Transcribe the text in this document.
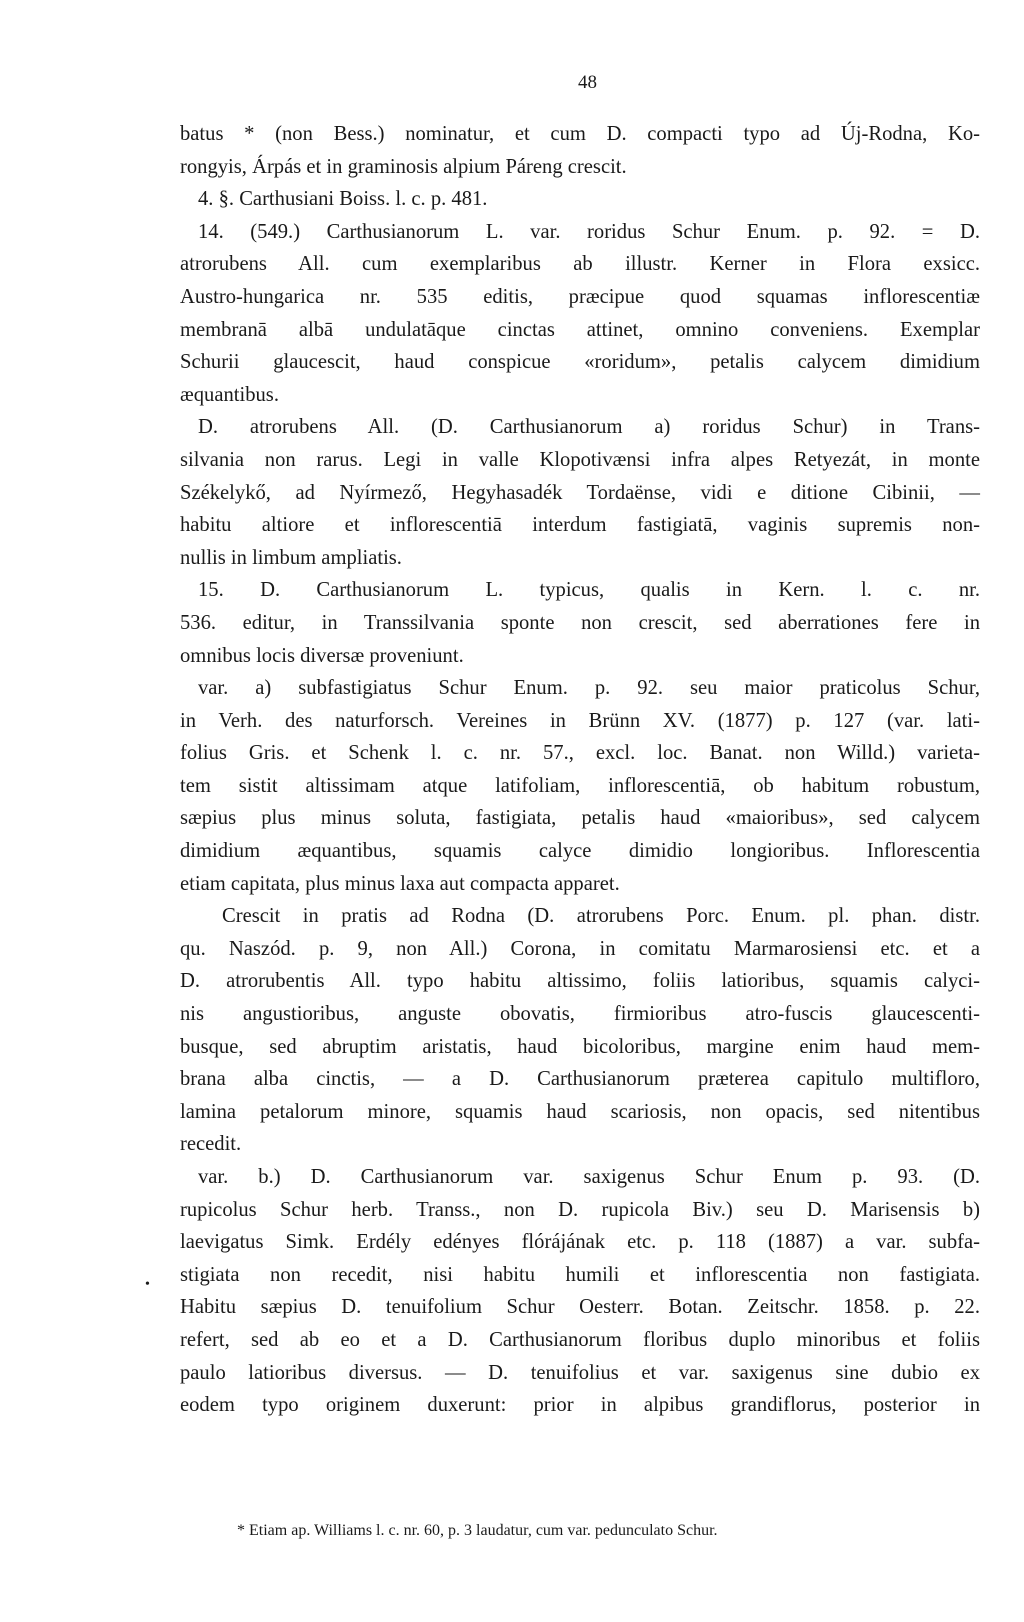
48
•
batus * (non Bess.) nominatur, et cum D. compacti typo ad Új-Rodna, Ko-
rongyis, Árpás et in graminosis alpium Páreng crescit.
4. §. Carthusiani Boiss. l. c. p. 481.
14. (549.) Carthusianorum L. var. roridus Schur Enum. p. 92. = D.
atrorubens All. cum exemplaribus ab illustr. Kerner in Flora exsicc.
Austro-hungarica nr. 535 editis, præcipue quod squamas inflorescentiæ
membranā albā undulatāque cinctas attinet, omnino conveniens. Exemplar
Schurii glaucescit, haud conspicue «roridum», petalis calycem dimidium
æquantibus.
D. atrorubens All. (D. Carthusianorum a) roridus Schur) in Trans-
silvania non rarus. Legi in valle Klopotivænsi infra alpes Retyezát, in monte
Székelykő, ad Nyírmező, Hegyhasadék Tordaënse, vidi e ditione Cibinii, —
habitu altiore et inflorescentiā interdum fastigiatā, vaginis supremis non-
nullis in limbum ampliatis.
15. D. Carthusianorum L. typicus, qualis in Kern. l. c. nr.
536. editur, in Transsilvania sponte non crescit, sed aberrationes fere in
omnibus locis diversæ proveniunt.
var. a) subfastigiatus Schur Enum. p. 92. seu maior praticolus Schur,
in Verh. des naturforsch. Vereines in Brünn XV. (1877) p. 127 (var. lati-
folius Gris. et Schenk l. c. nr. 57., excl. loc. Banat. non Willd.) varieta-
tem sistit altissimam atque latifoliam, inflorescentiā, ob habitum robustum,
sæpius plus minus soluta, fastigiata, petalis haud «maioribus», sed calycem
dimidium æquantibus, squamis calyce dimidio longioribus. Inflorescentia
etiam capitata, plus minus laxa aut compacta apparet.
Crescit in pratis ad Rodna (D. atrorubens Porc. Enum. pl. phan. distr.
qu. Naszód. p. 9, non All.) Corona, in comitatu Marmarosiensi etc. et a
D. atrorubentis All. typo habitu altissimo, foliis latioribus, squamis calyci-
nis angustioribus, anguste obovatis, firmioribus atro-fuscis glaucescenti-
busque, sed abruptim aristatis, haud bicoloribus, margine enim haud mem-
brana alba cinctis, — a D. Carthusianorum præterea capitulo multifloro,
lamina petalorum minore, squamis haud scariosis, non opacis, sed nitentibus
recedit.
var. b.) D. Carthusianorum var. saxigenus Schur Enum p. 93. (D.
rupicolus Schur herb. Transs., non D. rupicola Biv.) seu D. Marisensis b)
laevigatus Simk. Erdély edényes flórájának etc. p. 118 (1887) a var. subfa-
stigiata non recedit, nisi habitu humili et inflorescentia non fastigiata.
Habitu sæpius D. tenuifolium Schur Oesterr. Botan. Zeitschr. 1858. p. 22.
refert, sed ab eo et a D. Carthusianorum floribus duplo minoribus et foliis
paulo latioribus diversus. — D. tenuifolius et var. saxigenus sine dubio ex
eodem typo originem duxerunt: prior in alpibus grandiflorus, posterior in
* Etiam ap. Williams l. c. nr. 60, p. 3 laudatur, cum var. pedunculato Schur.
